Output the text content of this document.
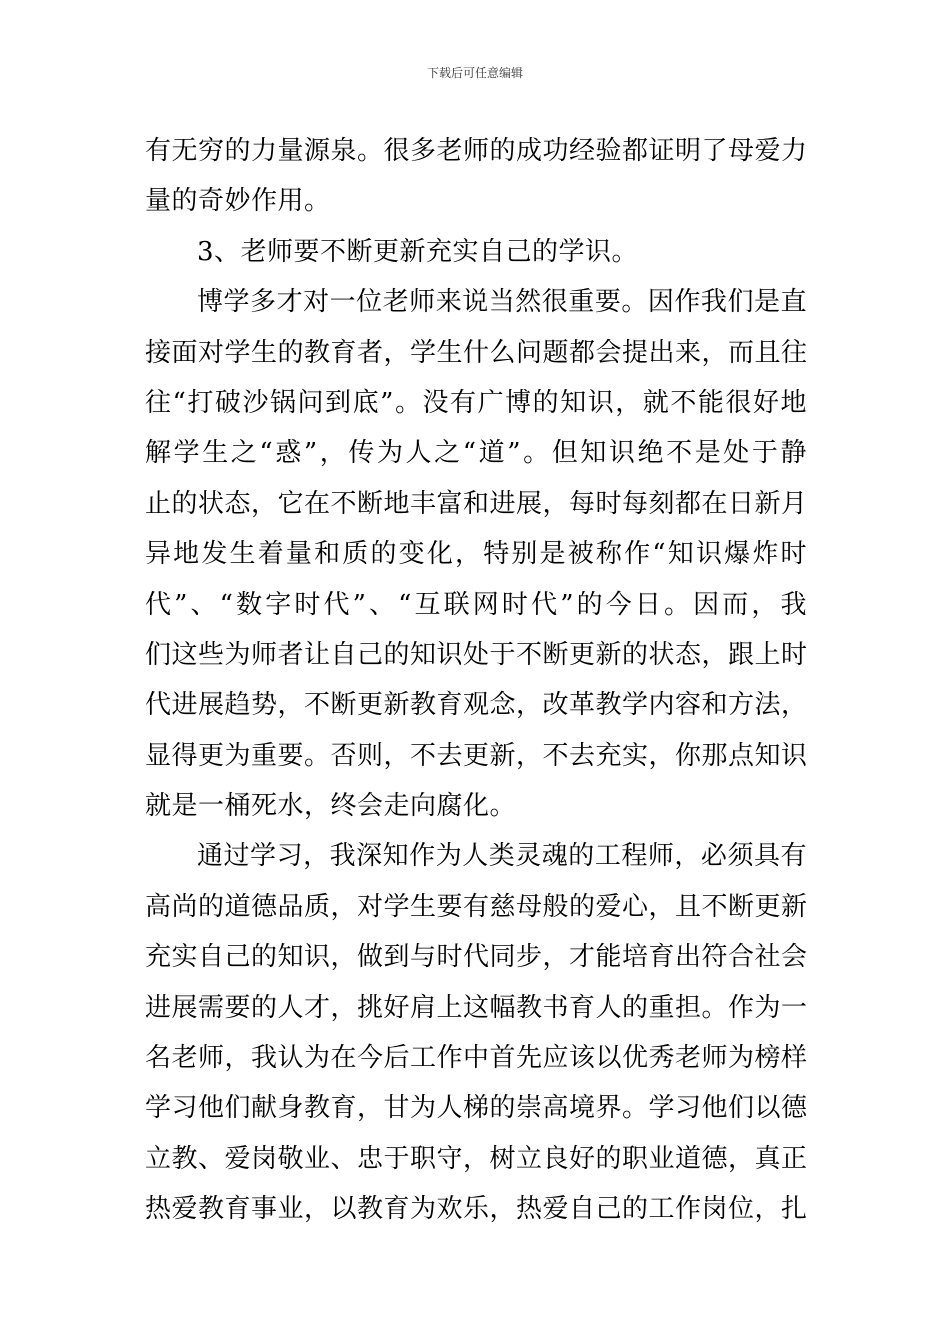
下载后可任意编辑
有无穷的力量源泉。很多老师的成功经验都证明了母爱力
量的奇妙作用。
3、老师要不断更新充实自己的学识。
博学多才对一位老师来说当然很重要。因作我们是直
接面对学生的教育者，学生什么问题都会提出来，而且往
往“打破沙锅问到底”。没有广博的知识，就不能很好地
解学生之“惑”，传为人之“道”。但知识绝不是处于静
止的状态，它在不断地丰富和进展，每时每刻都在日新月
异地发生着量和质的变化，特别是被称作“知识爆炸时
代”、“数字时代”、“互联网时代”的今日。因而，我
们这些为师者让自己的知识处于不断更新的状态，跟上时
代进展趋势，不断更新教育观念，改革教学内容和方法，
显得更为重要。否则，不去更新，不去充实，你那点知识
就是一桶死水，终会走向腐化。
通过学习，我深知作为人类灵魂的工程师，必须具有
高尚的道德品质，对学生要有慈母般的爱心，且不断更新
充实自己的知识，做到与时代同步，才能培育出符合社会
进展需要的人才，挑好肩上这幅教书育人的重担。作为一
名老师，我认为在今后工作中首先应该以优秀老师为榜样
学习他们献身教育，甘为人梯的崇高境界。学习他们以德
立教、爱岗敬业、忠于职守，树立良好的职业道德，真正
热爱教育事业，以教育为欢乐，热爱自己的工作岗位，扎
